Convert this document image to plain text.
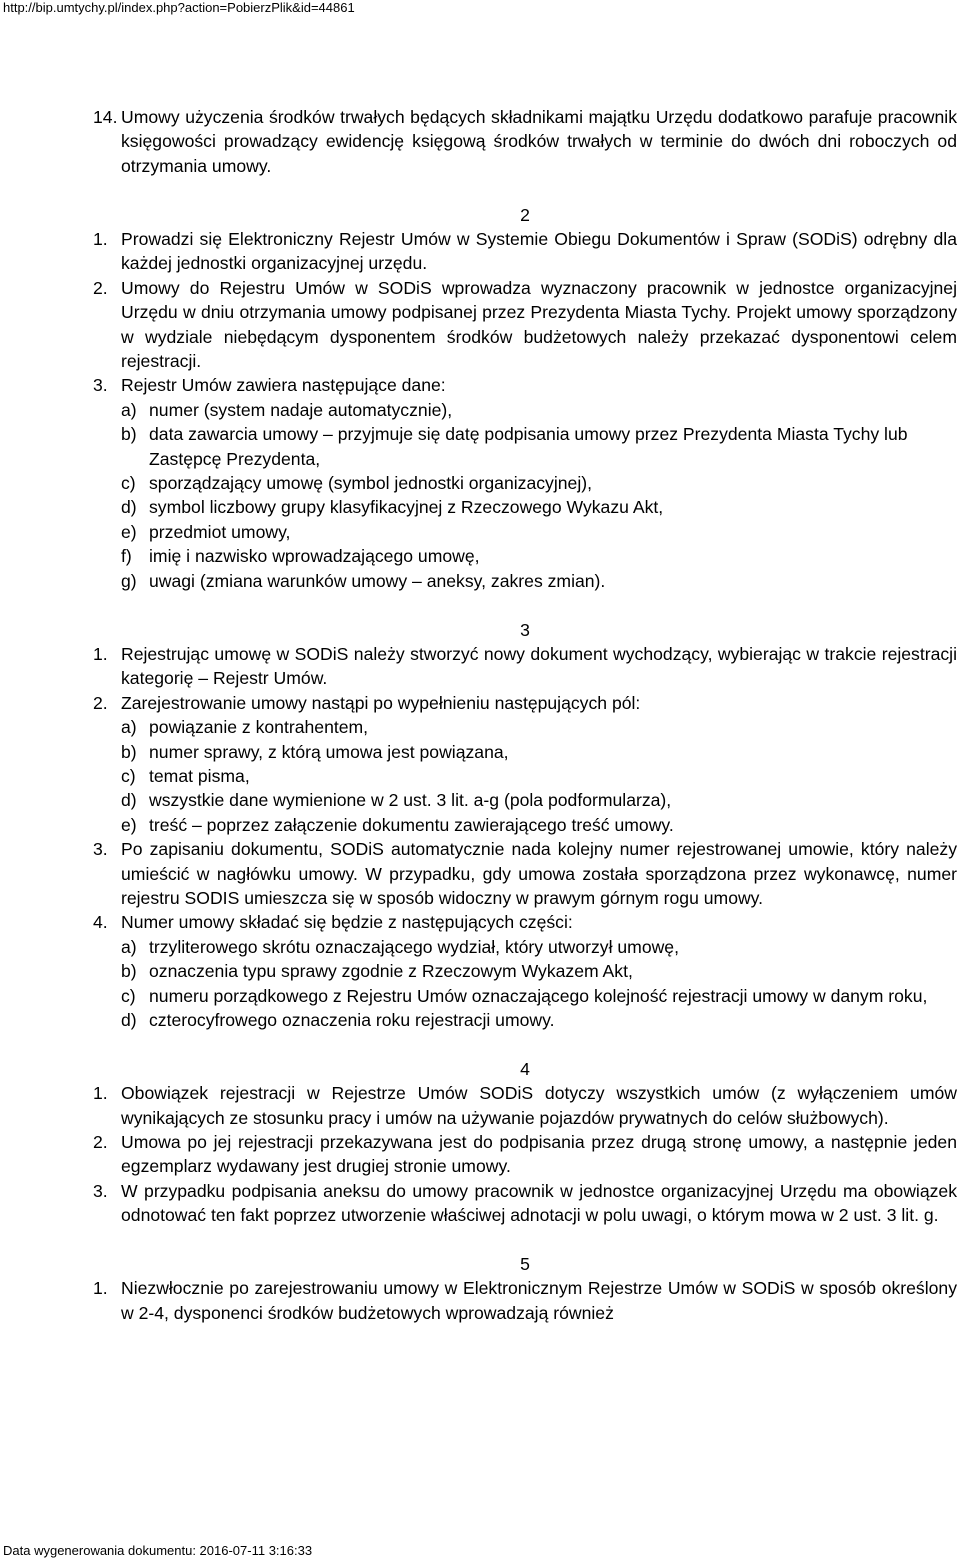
http://bip.umtychy.pl/index.php?action=PobierzPlik&id=44861
14. Umowy użyczenia środków trwałych będących składnikami majątku Urzędu dodatkowo parafuje pracownik księgowości prowadzący ewidencję księgową środków trwałych w terminie do dwóch dni roboczych od otrzymania umowy.
2
1. Prowadzi się Elektroniczny Rejestr Umów w Systemie Obiegu Dokumentów i Spraw (SODiS) odrębny dla każdej jednostki organizacyjnej urzędu.
2. Umowy do Rejestru Umów w SODiS wprowadza wyznaczony pracownik w jednostce organizacyjnej Urzędu w dniu otrzymania umowy podpisanej przez Prezydenta Miasta Tychy. Projekt umowy sporządzony w wydziale niebędącym dysponentem środków budżetowych należy przekazać dysponentowi celem rejestracji.
3. Rejestr Umów zawiera następujące dane:
a) numer (system nadaje automatycznie),
b) data zawarcia umowy – przyjmuje się datę podpisania umowy przez Prezydenta Miasta Tychy lub Zastępcę Prezydenta,
c) sporządzający umowę (symbol jednostki organizacyjnej),
d) symbol liczbowy grupy klasyfikacyjnej z Rzeczowego Wykazu Akt,
e) przedmiot umowy,
f) imię i nazwisko wprowadzającego umowę,
g) uwagi (zmiana warunków umowy – aneksy, zakres zmian).
3
1. Rejestrując umowę w SODiS należy stworzyć nowy dokument wychodzący, wybierając w trakcie rejestracji kategorię – Rejestr Umów.
2. Zarejestrowanie umowy nastąpi po wypełnieniu następujących pól:
a) powiązanie z kontrahentem,
b) numer sprawy, z którą umowa jest powiązana,
c) temat pisma,
d) wszystkie dane wymienione w 2 ust. 3 lit. a-g (pola podformularza),
e) treść – poprzez załączenie dokumentu zawierającego treść umowy.
3. Po zapisaniu dokumentu, SODiS automatycznie nada kolejny numer rejestrowanej umowie, który należy umieścić w nagłówku umowy. W przypadku, gdy umowa została sporządzona przez wykonawcę, numer rejestru SODIS umieszcza się w sposób widoczny w prawym górnym rogu umowy.
4. Numer umowy składać się będzie z następujących części:
a) trzyliterowego skrótu oznaczającego wydział, który utworzył umowę,
b) oznaczenia typu sprawy zgodnie z Rzeczowym Wykazem Akt,
c) numeru porządkowego z Rejestru Umów oznaczającego kolejność rejestracji umowy w danym roku,
d) czterocyfrowego oznaczenia roku rejestracji umowy.
4
1. Obowiązek rejestracji w Rejestrze Umów SODiS dotyczy wszystkich umów (z wyłączeniem umów wynikających ze stosunku pracy i umów na używanie pojazdów prywatnych do celów służbowych).
2. Umowa po jej rejestracji przekazywana jest do podpisania przez drugą stronę umowy, a następnie jeden egzemplarz wydawany jest drugiej stronie umowy.
3. W przypadku podpisania aneksu do umowy pracownik w jednostce organizacyjnej Urzędu ma obowiązek odnotować ten fakt poprzez utworzenie właściwej adnotacji w polu uwagi, o którym mowa w 2 ust. 3 lit. g.
5
1. Niezwłocznie po zarejestrowaniu umowy w Elektronicznym Rejestrze Umów w SODiS w sposób określony w 2-4, dysponenci środków budżetowych wprowadzają również
Data wygenerowania dokumentu: 2016-07-11 3:16:33
